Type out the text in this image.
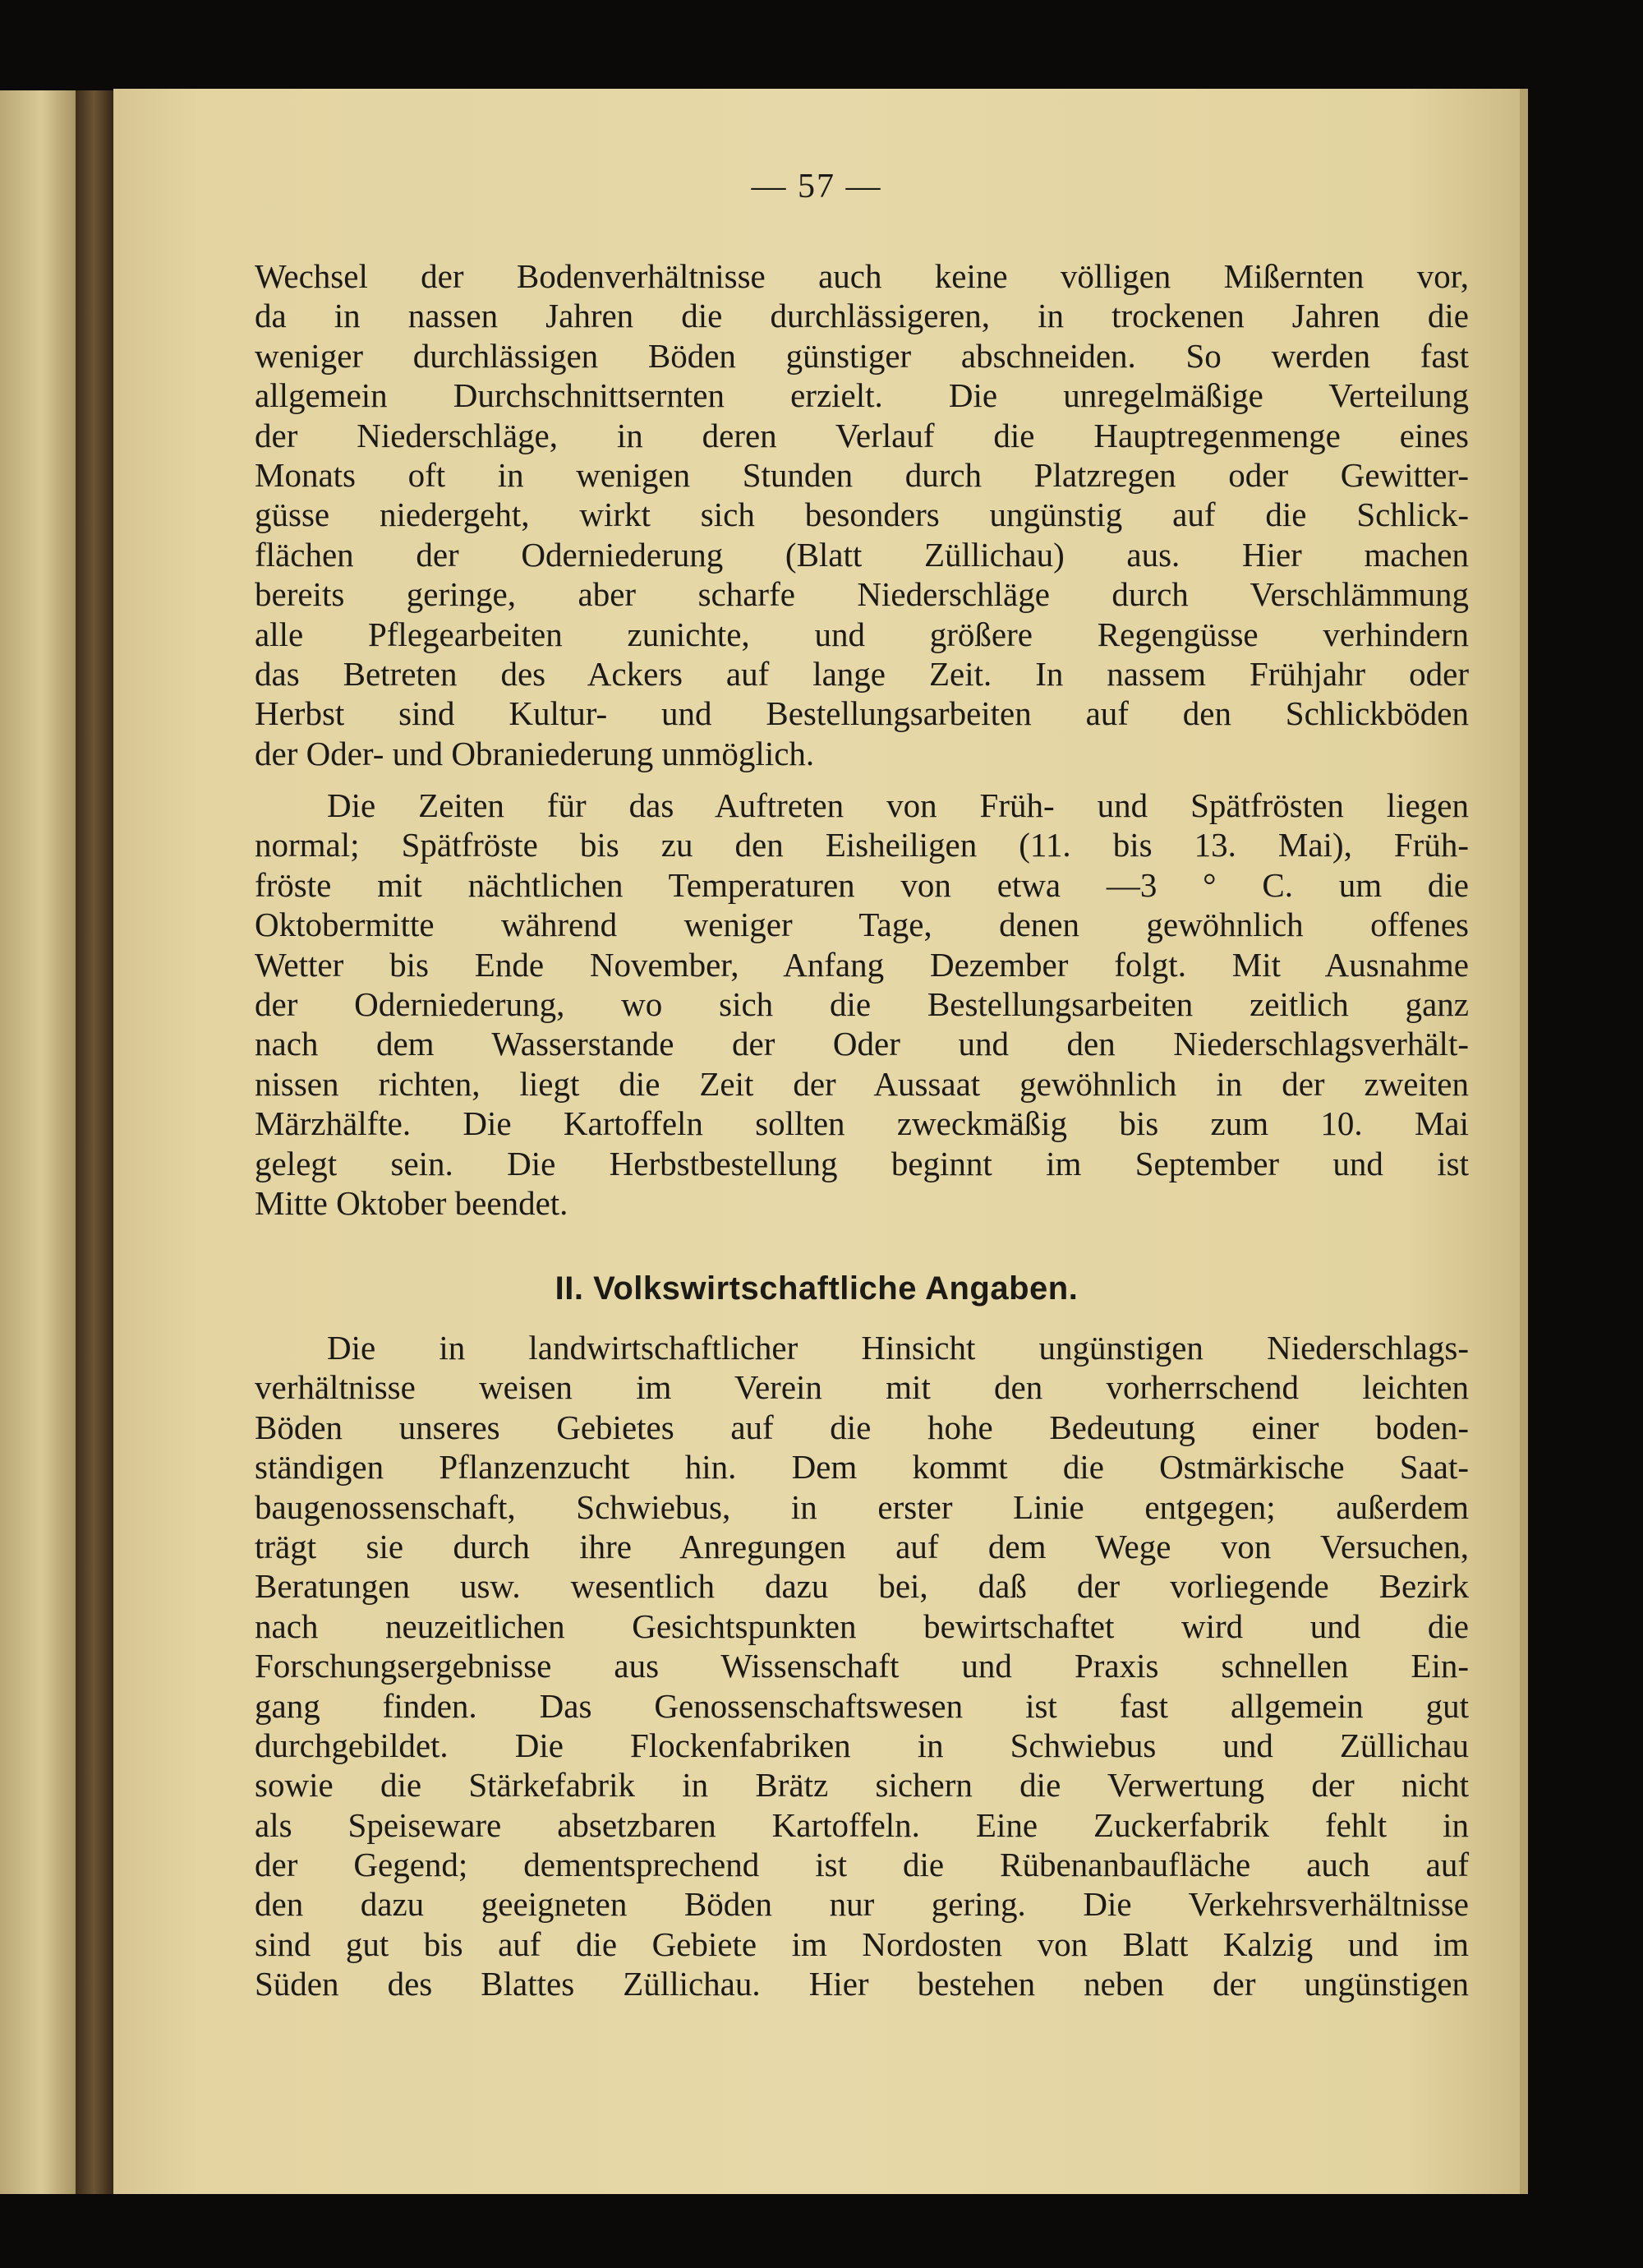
— 57 —
Wechsel der Bodenverhältnisse auch keine völligen Mißernten vor,
da in nassen Jahren die durchlässigeren, in trockenen Jahren die
weniger durchlässigen Böden günstiger abschneiden. So werden fast
allgemein Durchschnittsernten erzielt. Die unregelmäßige Verteilung
der Niederschläge, in deren Verlauf die Hauptregenmenge eines
Monats oft in wenigen Stunden durch Platzregen oder Gewitter-
güsse niedergeht, wirkt sich besonders ungünstig auf die Schlick-
flächen der Oderniederung (Blatt Züllichau) aus. Hier machen
bereits geringe, aber scharfe Niederschläge durch Verschlämmung
alle Pflegearbeiten zunichte, und größere Regengüsse verhindern
das Betreten des Ackers auf lange Zeit. In nassem Frühjahr oder
Herbst sind Kultur- und Bestellungsarbeiten auf den Schlickböden
der Oder- und Obraniederung unmöglich.
Die Zeiten für das Auftreten von Früh- und Spätfrösten liegen
normal; Spätfröste bis zu den Eisheiligen (11. bis 13. Mai), Früh-
fröste mit nächtlichen Temperaturen von etwa —3 ° C. um die
Oktobermitte während weniger Tage, denen gewöhnlich offenes
Wetter bis Ende November, Anfang Dezember folgt. Mit Ausnahme
der Oderniederung, wo sich die Bestellungsarbeiten zeitlich ganz
nach dem Wasserstande der Oder und den Niederschlagsverhält-
nissen richten, liegt die Zeit der Aussaat gewöhnlich in der zweiten
Märzhälfte. Die Kartoffeln sollten zweckmäßig bis zum 10. Mai
gelegt sein. Die Herbstbestellung beginnt im September und ist
Mitte Oktober beendet.
II. Volkswirtschaftliche Angaben.
Die in landwirtschaftlicher Hinsicht ungünstigen Niederschlags-
verhältnisse weisen im Verein mit den vorherrschend leichten
Böden unseres Gebietes auf die hohe Bedeutung einer boden-
ständigen Pflanzenzucht hin. Dem kommt die Ostmärkische Saat-
baugenossenschaft, Schwiebus, in erster Linie entgegen; außerdem
trägt sie durch ihre Anregungen auf dem Wege von Versuchen,
Beratungen usw. wesentlich dazu bei, daß der vorliegende Bezirk
nach neuzeitlichen Gesichtspunkten bewirtschaftet wird und die
Forschungsergebnisse aus Wissenschaft und Praxis schnellen Ein-
gang finden. Das Genossenschaftswesen ist fast allgemein gut
durchgebildet. Die Flockenfabriken in Schwiebus und Züllichau
sowie die Stärkefabrik in Brätz sichern die Verwertung der nicht
als Speiseware absetzbaren Kartoffeln. Eine Zuckerfabrik fehlt in
der Gegend; dementsprechend ist die Rübenanbaufläche auch auf
den dazu geeigneten Böden nur gering. Die Verkehrsverhältnisse
sind gut bis auf die Gebiete im Nordosten von Blatt Kalzig und im
Süden des Blattes Züllichau. Hier bestehen neben der ungünstigen
